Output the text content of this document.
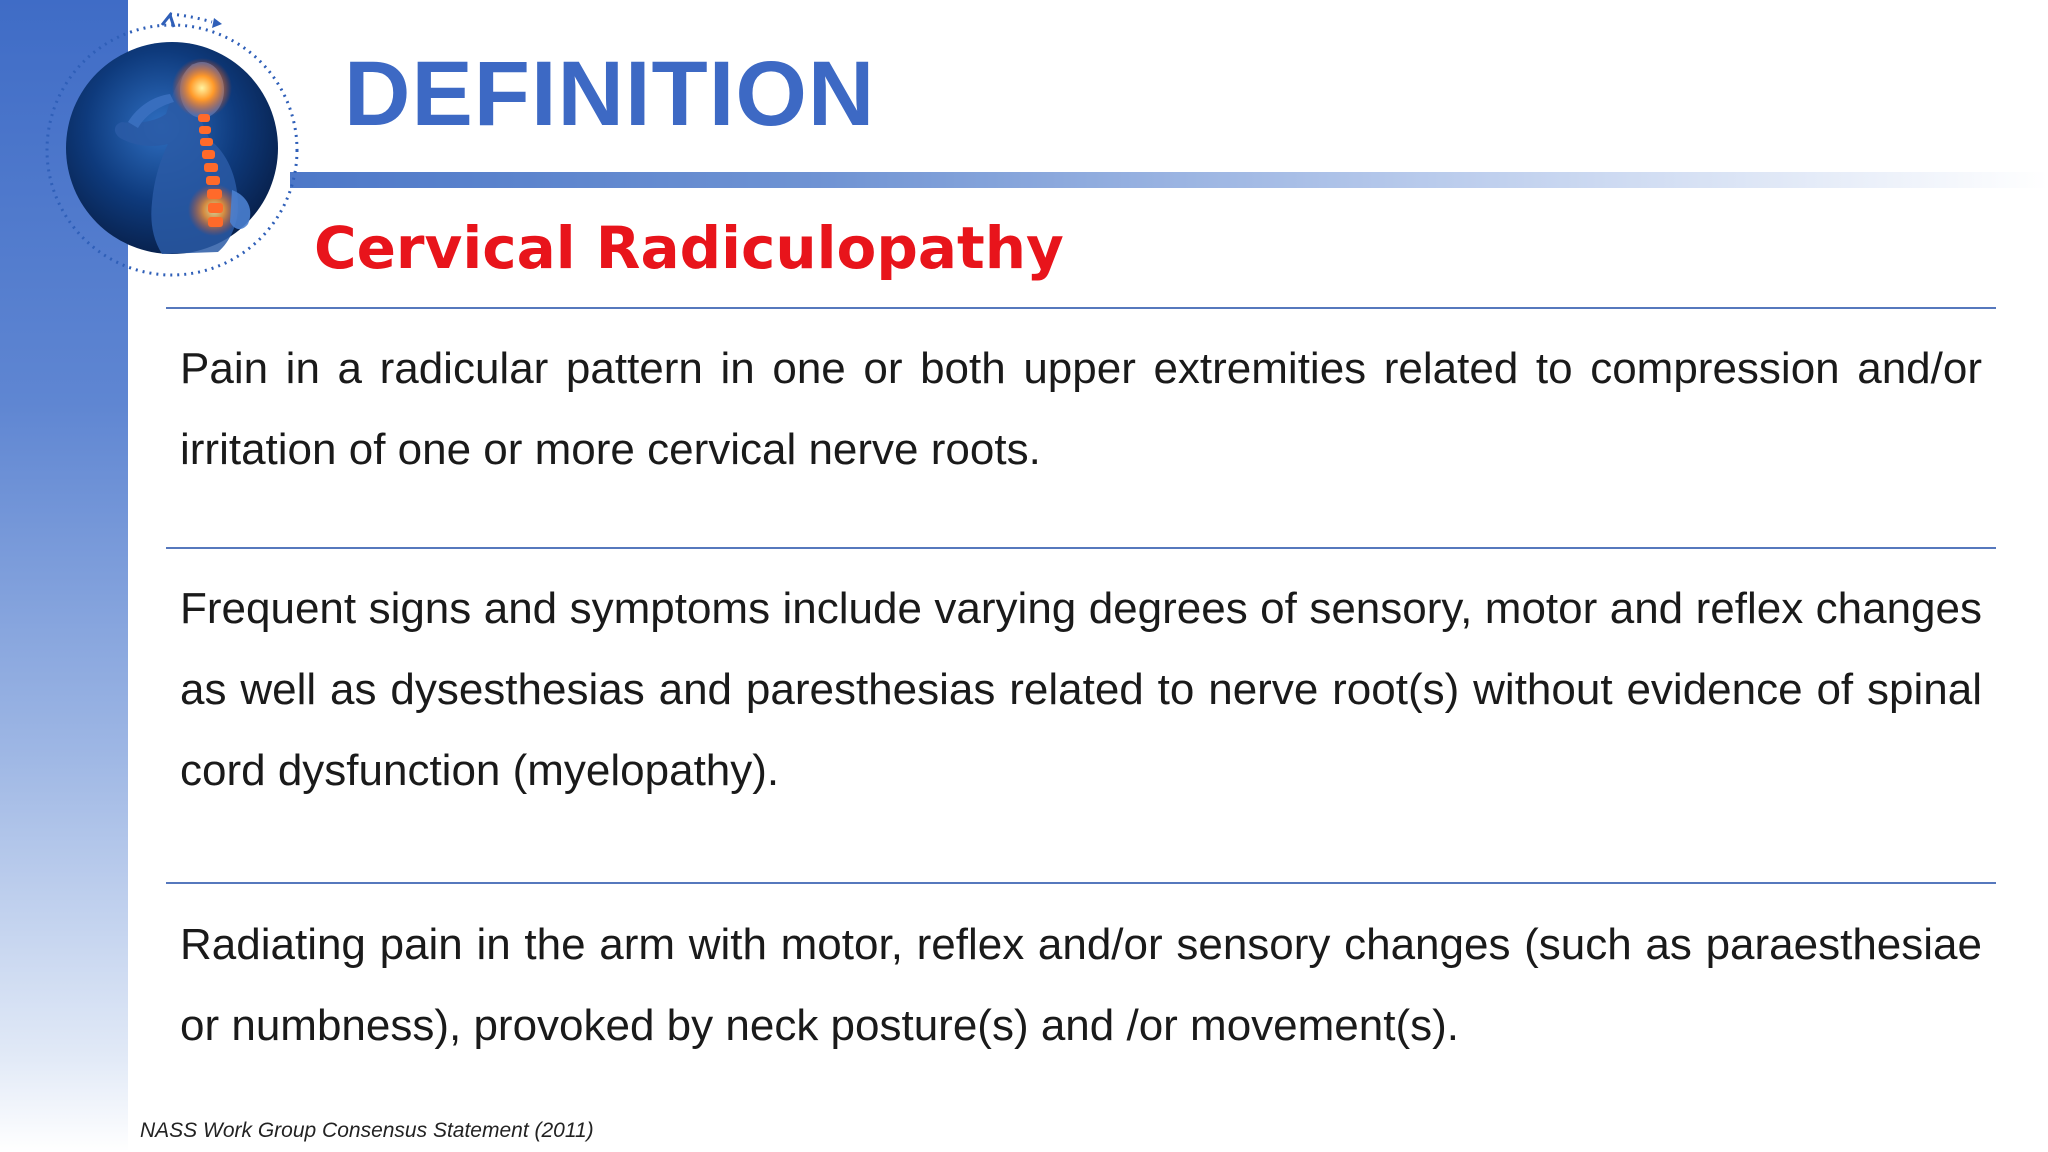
DEFINITION
Cervical Radiculopathy

Pain in a radicular pattern in one or both upper extremities related to compression and/or irritation of one or more cervical nerve roots.

Frequent signs and symptoms include varying degrees of sensory, motor and reflex changes as well as dysesthesias and paresthesias related to nerve root(s) without evidence of spinal cord dysfunction (myelopathy).

Radiating pain in the arm with motor, reflex and/or sensory changes (such as paraesthesiae or numbness), provoked by neck posture(s) and /or movement(s).

NASS Work Group Consensus Statement (2011)
